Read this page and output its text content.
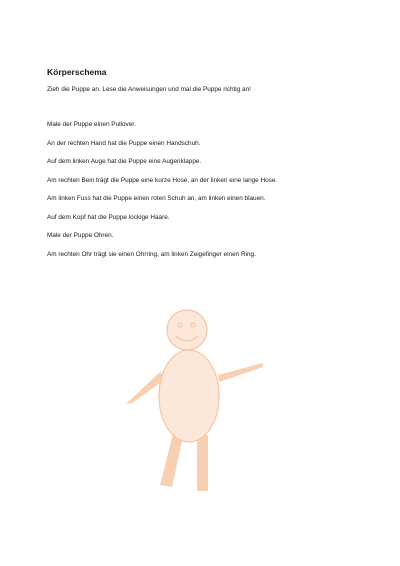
Körperschema

Zieh die Puppe an. Lese die Anweisungen und mal die Puppe richtig an!

Male der Puppe einen Pullover.
An der rechten Hand hat die Puppe einen Handschuh.
Auf dem linken Auge hat die Puppe eine Augenklappe.
Am rechten Bein trägt die Puppe eine kurze Hose, an der linken eine lange Hose.
Am linken Fuss hat die Puppe einen roten Schuh an, am linken einen blauen.
Auf dem Kopf hat die Puppe lockige Haare.
Male der Puppe Ohren.
Am rechten Ohr trägt sie einen Ohrring, am linken Zeigefinger einen Ring.
